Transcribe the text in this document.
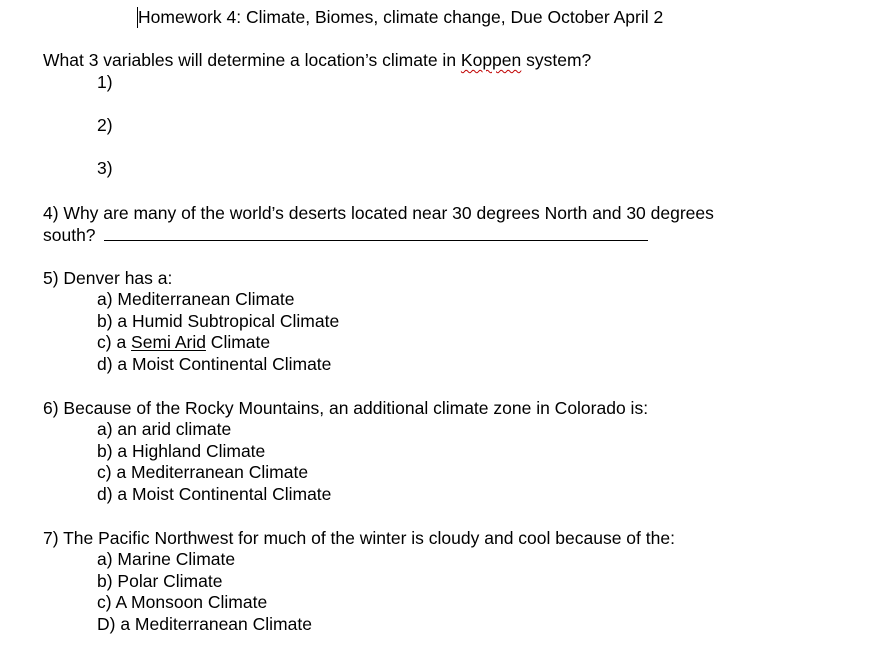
Homework 4: Climate, Biomes, climate change, Due October April 2
What 3 variables will determine a location’s climate in Koppen system?
1)
2)
3)
4) Why are many of the world’s deserts located near 30 degrees North and 30 degrees
south?
5) Denver has a:
a) Mediterranean Climate
b) a Humid Subtropical Climate
c) a Semi Arid Climate
d) a Moist Continental Climate
6) Because of the Rocky Mountains, an additional climate zone in Colorado is:
a) an arid climate
b) a Highland Climate
c) a Mediterranean Climate
d) a Moist Continental Climate
7) The Pacific Northwest for much of the winter is cloudy and cool because of the:
a) Marine Climate
b) Polar Climate
c) A Monsoon Climate
D) a Mediterranean Climate
